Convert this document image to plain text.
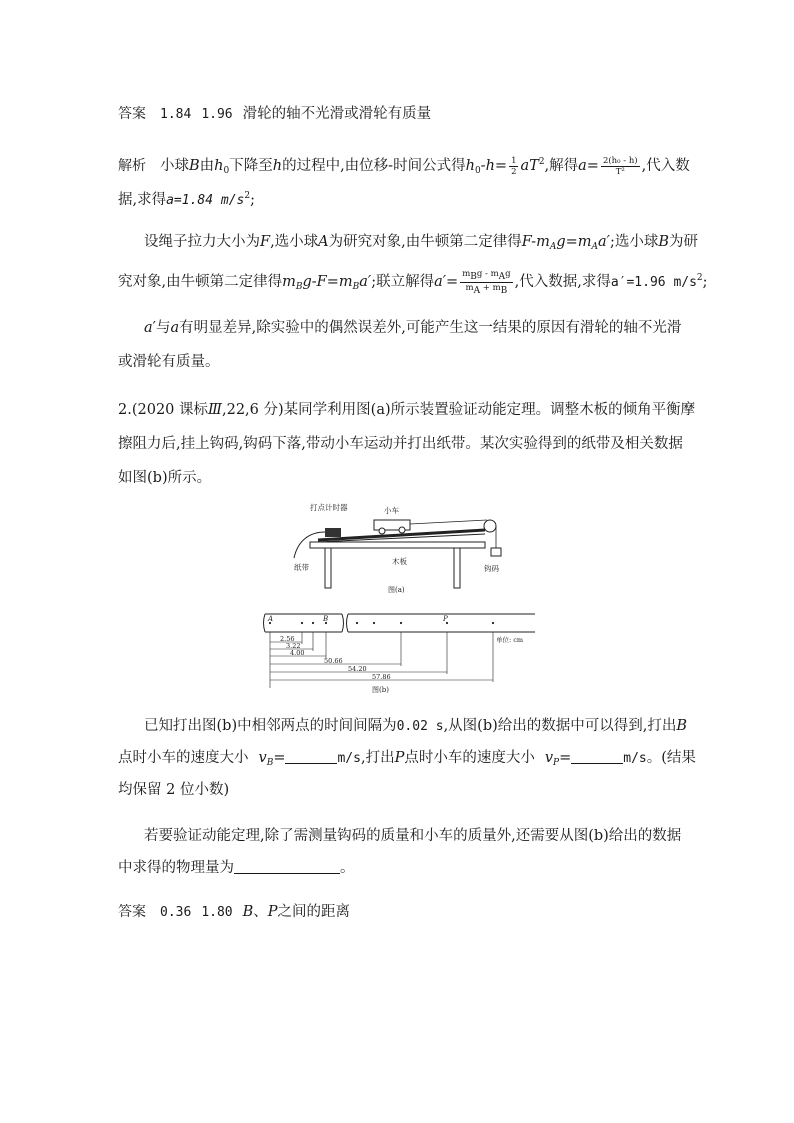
答案 1.84 1.96 滑轮的轴不光滑或滑轮有质量
解析 小球B由$h_0$下降至h的过程中,由位移-时间公式得$h_0-h= \frac{1}{2} aT^2$,解得$a= \frac{\text{2(h₀ - h)}}{\text{T²}}$ ,代入数
据,求得a=1.84 $m/s^2$;
设绳子拉力大小为F,选小球A为研究对象,由牛顿第二定律得$F-m_Ag=m_Aa'$;选小球B为研
究对象,由牛顿第二定律得$m_Bg-F=m_Ba'$;联立解得$a'= \frac{\text{mBg - mAg}}{mA + mB}$ ,代入数据,求得a′=1.96 $m/s^2$;
a′与a有明显差异,除实验中的偶然误差外,可能产生这一结果的原因有滑轮的轴不光滑
或滑轮有质量。
2.(2020 课标Ⅲ,22,6 分)某同学利用图(a)所示装置验证动能定理。调整木板的倾角平衡摩
擦阻力后,挂上钩码,钩码下落,带动小车运动并打出纸带。某次实验得到的纸带及相关数据
如图(b)所示。
打点计时器	小车
纸带
木板
钩码
图(a)
A	B	P
单位: cm
2.56
3.22
4.00
50.66
54.20
57.86
图(b)
已知打出图(b)中相邻两点的时间间隔为0.02 s,从图(b)给出的数据中可以得到,打出B
点时小车的速度大小 $v_B=$	m/s,打出P点时小车的速度大小 $v_P=$	m/s。(结果
均保留 2 位小数)
若要验证动能定理,除了需测量钩码的质量和小车的质量外,还需要从图(b)给出的数据
中求得的物理量为	。
答案 0.36 1.80 B、P之间的距离
